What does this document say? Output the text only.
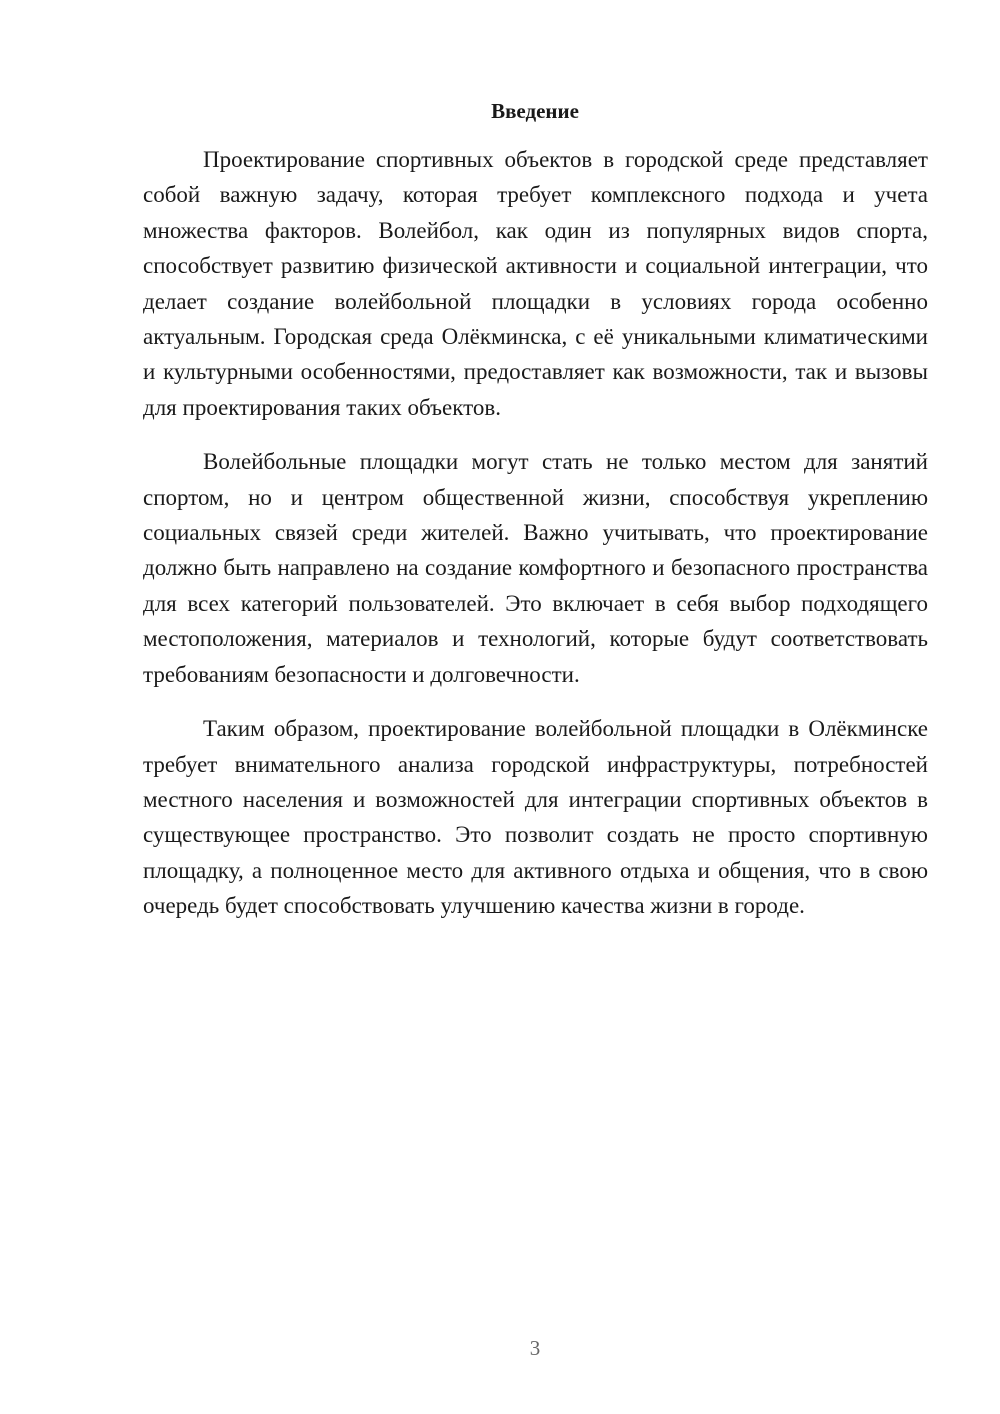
Введение

Проектирование спортивных объектов в городской среде представляет собой важную задачу, которая требует комплексного подхода и учета множества факторов. Волейбол, как один из популярных видов спорта, способствует развитию физической активности и социальной интеграции, что делает создание волейбольной площадки в условиях города особенно актуальным. Городская среда Олёкминска, с её уникальными климатическими и культурными особенностями, предоставляет как возможности, так и вызовы для проектирования таких объектов.

Волейбольные площадки могут стать не только местом для занятий спортом, но и центром общественной жизни, способствуя укреплению социальных связей среди жителей. Важно учитывать, что проектирование должно быть направлено на создание комфортного и безопасного пространства для всех категорий пользователей. Это включает в себя выбор подходящего местоположения, материалов и технологий, которые будут соответствовать требованиям безопасности и долговечности.

Таким образом, проектирование волейбольной площадки в Олёкминске требует внимательного анализа городской инфраструктуры, потребностей местного населения и возможностей для интеграции спортивных объектов в существующее пространство. Это позволит создать не просто спортивную площадку, а полноценное место для активного отдыха и общения, что в свою очередь будет способствовать улучшению качества жизни в городе.

3
